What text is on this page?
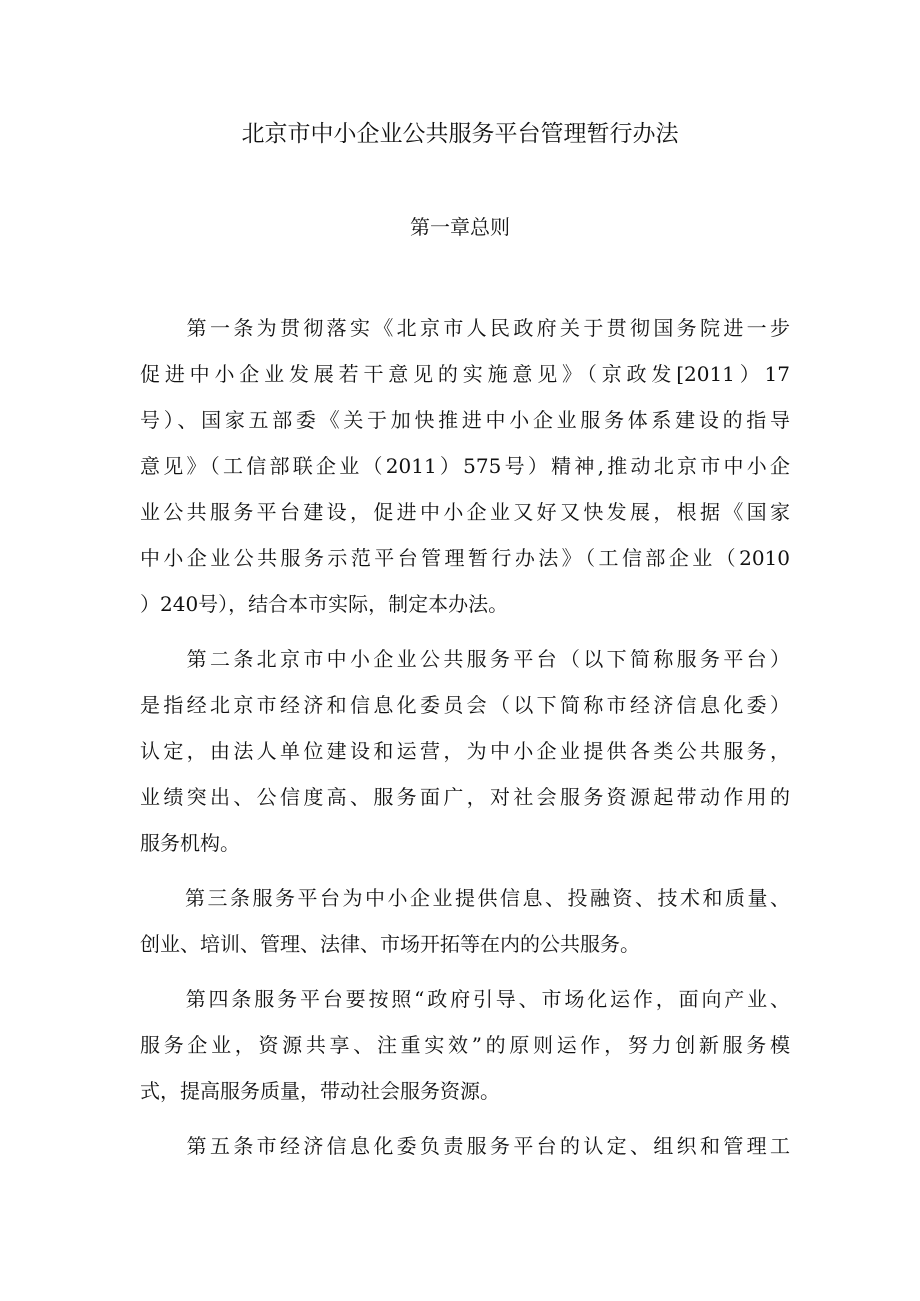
北京市中小企业公共服务平台管理暂行办法
第一章总则
　　第一条为贯彻落实《北京市人民政府关于贯彻国务院进一步
促进中小企业发展若干意见的实施意见》（京政发[2011）17
号）、国家五部委《关于加快推进中小企业服务体系建设的指导
意见》（工信部联企业（2011）575号）精神,推动北京市中小企
业公共服务平台建设，促进中小企业又好又快发展，根据《国家
中小企业公共服务示范平台管理暂行办法》（工信部企业（2010
）240号），结合本市实际，制定本办法。
　　第二条北京市中小企业公共服务平台（以下简称服务平台）
是指经北京市经济和信息化委员会（以下简称市经济信息化委）
认定，由法人单位建设和运营，为中小企业提供各类公共服务，
业绩突出、公信度高、服务面广，对社会服务资源起带动作用的
服务机构。
　　第三条服务平台为中小企业提供信息、投融资、技术和质量、
创业、培训、管理、法律、市场开拓等在内的公共服务。
　　第四条服务平台要按照“政府引导、市场化运作，面向产业、
服务企业，资源共享、注重实效”的原则运作，努力创新服务模
式，提高服务质量，带动社会服务资源。
　　第五条市经济信息化委负责服务平台的认定、组织和管理工
